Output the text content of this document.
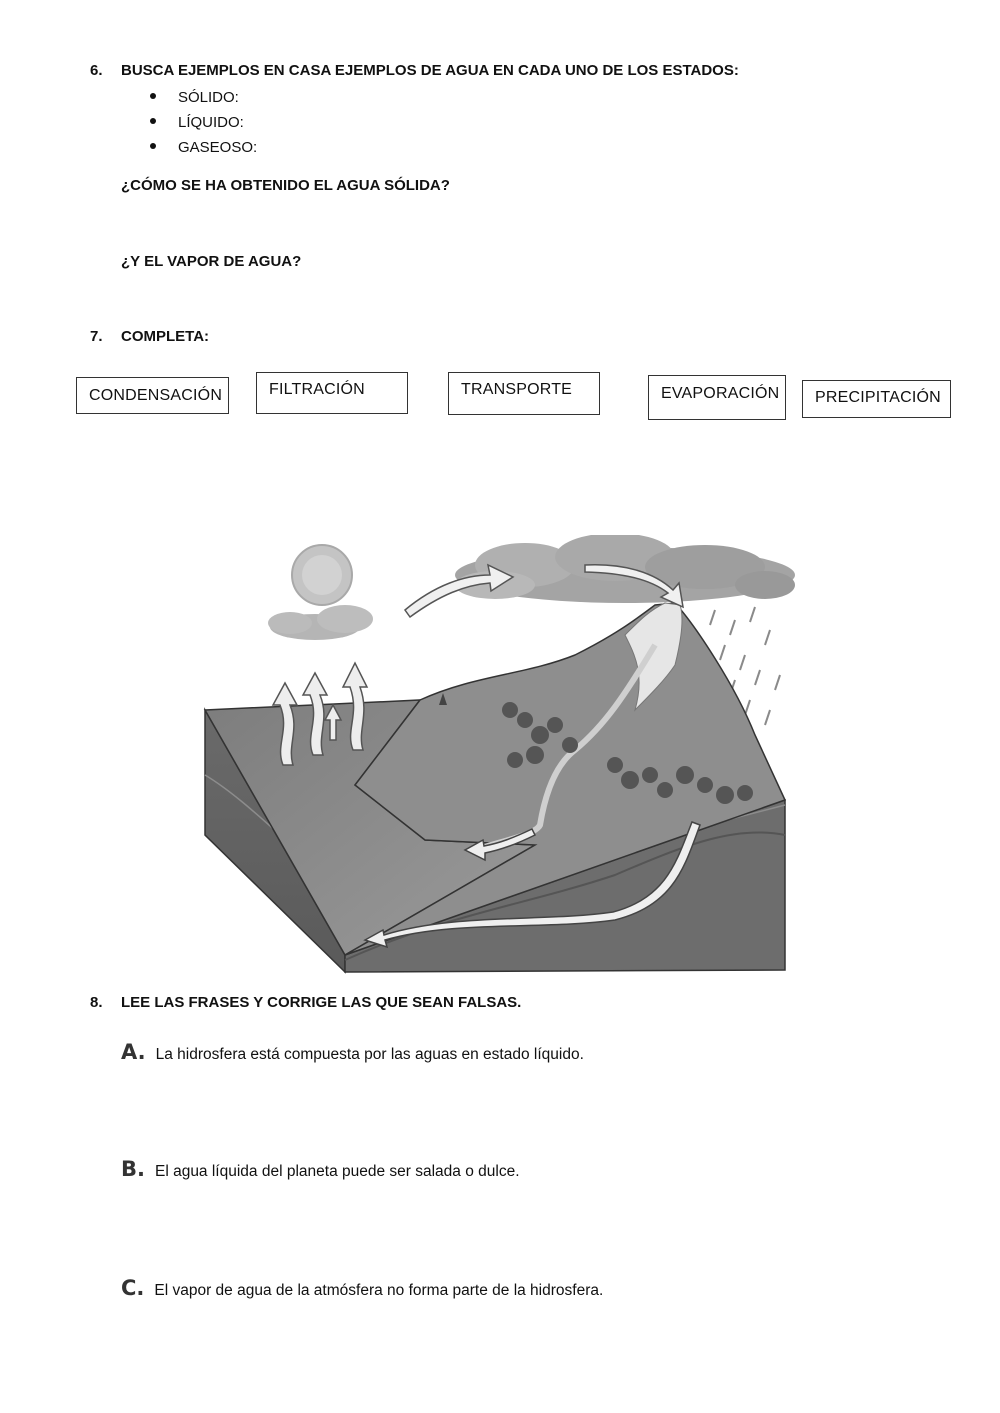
6. BUSCA EJEMPLOS EN CASA EJEMPLOS DE AGUA EN CADA UNO DE LOS ESTADOS:
SÓLIDO:
LÍQUIDO:
GASEOSO:
¿CÓMO SE HA OBTENIDO EL AGUA SÓLIDA?
¿Y EL VAPOR DE AGUA?
7. COMPLETA:
CONDENSACIÓN	FILTRACIÓN	TRANSPORTE	EVAPORACIÓN	PRECIPITACIÓN
8. LEE LAS FRASES Y CORRIGE LAS QUE SEAN FALSAS.
A. La hidrosfera está compuesta por las aguas en estado líquido.
B. El agua líquida del planeta puede ser salada o dulce.
C. El vapor de agua de la atmósfera no forma parte de la hidrosfera.
